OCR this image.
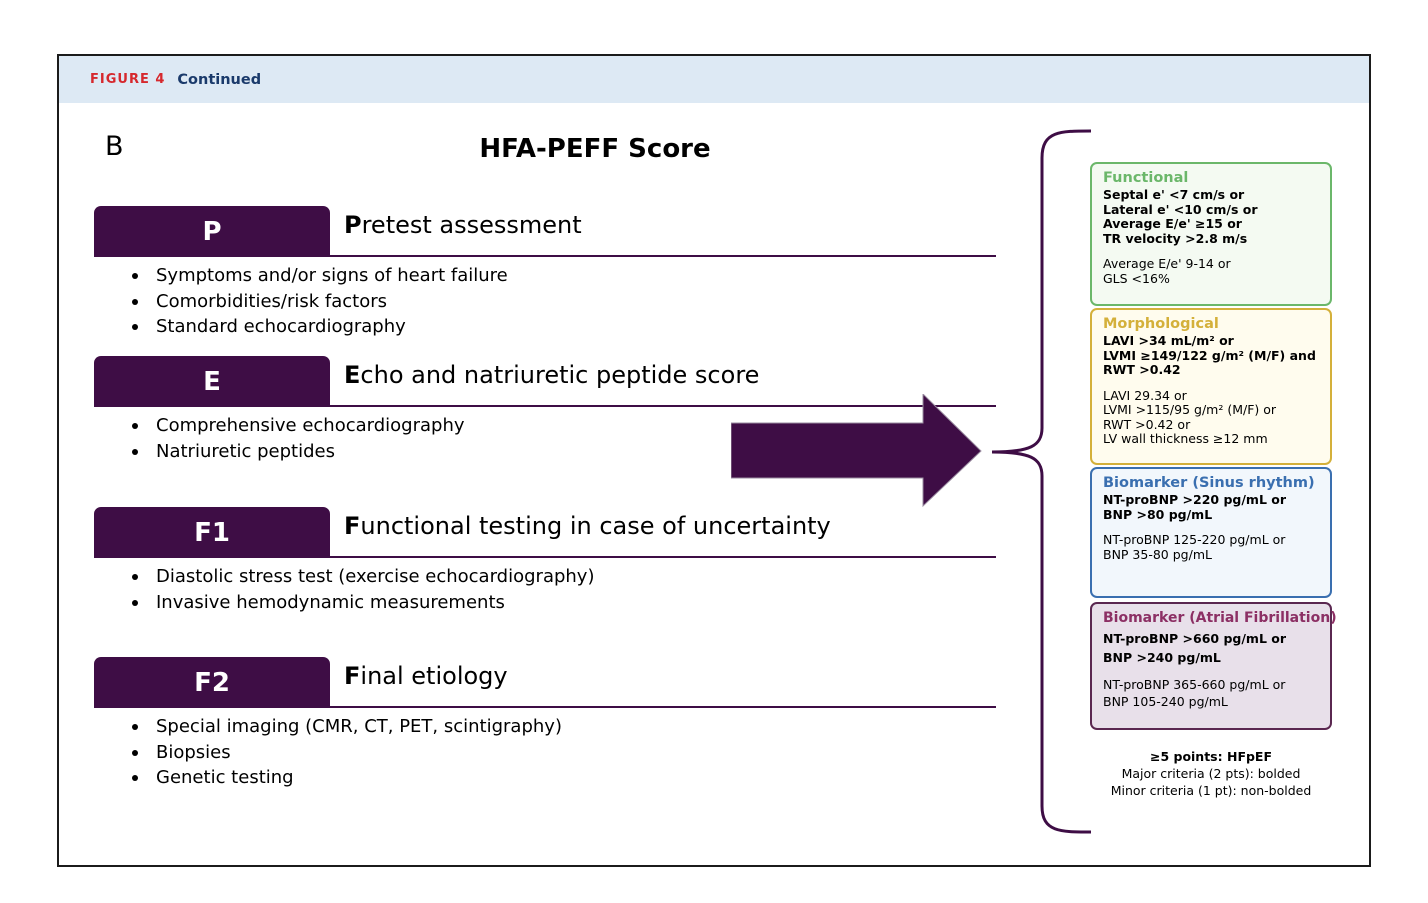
FIGURE 4 Continued
B	HFA-PEFF Score
P	Pretest assessment
Symptoms and/or signs of heart failure
Comorbidities/risk factors
Standard echocardiography
E	Echo and natriuretic peptide score
Comprehensive echocardiography
Natriuretic peptides
F1	Functional testing in case of uncertainty
Diastolic stress test (exercise echocardiography)
Invasive hemodynamic measurements
F2	Final etiology
Special imaging (CMR, CT, PET, scintigraphy)
Biopsies
Genetic testing
Functional
Septal e' <7 cm/s or
Lateral e' <10 cm/s or
Average E/e' ≥15 or
TR velocity >2.8 m/s
Average E/e' 9-14 or
GLS <16%
Morphological
LAVI >34 mL/m² or
LVMI ≥149/122 g/m² (M/F) and
RWT >0.42
LAVI 29.34 or
LVMI >115/95 g/m² (M/F) or
RWT >0.42 or
LV wall thickness ≥12 mm
Biomarker (Sinus rhythm)
NT-proBNP >220 pg/mL or
BNP >80 pg/mL
NT-proBNP 125-220 pg/mL or
BNP 35-80 pg/mL
Biomarker (Atrial Fibrillation)
NT-proBNP >660 pg/mL or
BNP >240 pg/mL
NT-proBNP 365-660 pg/mL or
BNP 105-240 pg/mL
≥5 points: HFpEF
Major criteria (2 pts): bolded
Minor criteria (1 pt): non-bolded
